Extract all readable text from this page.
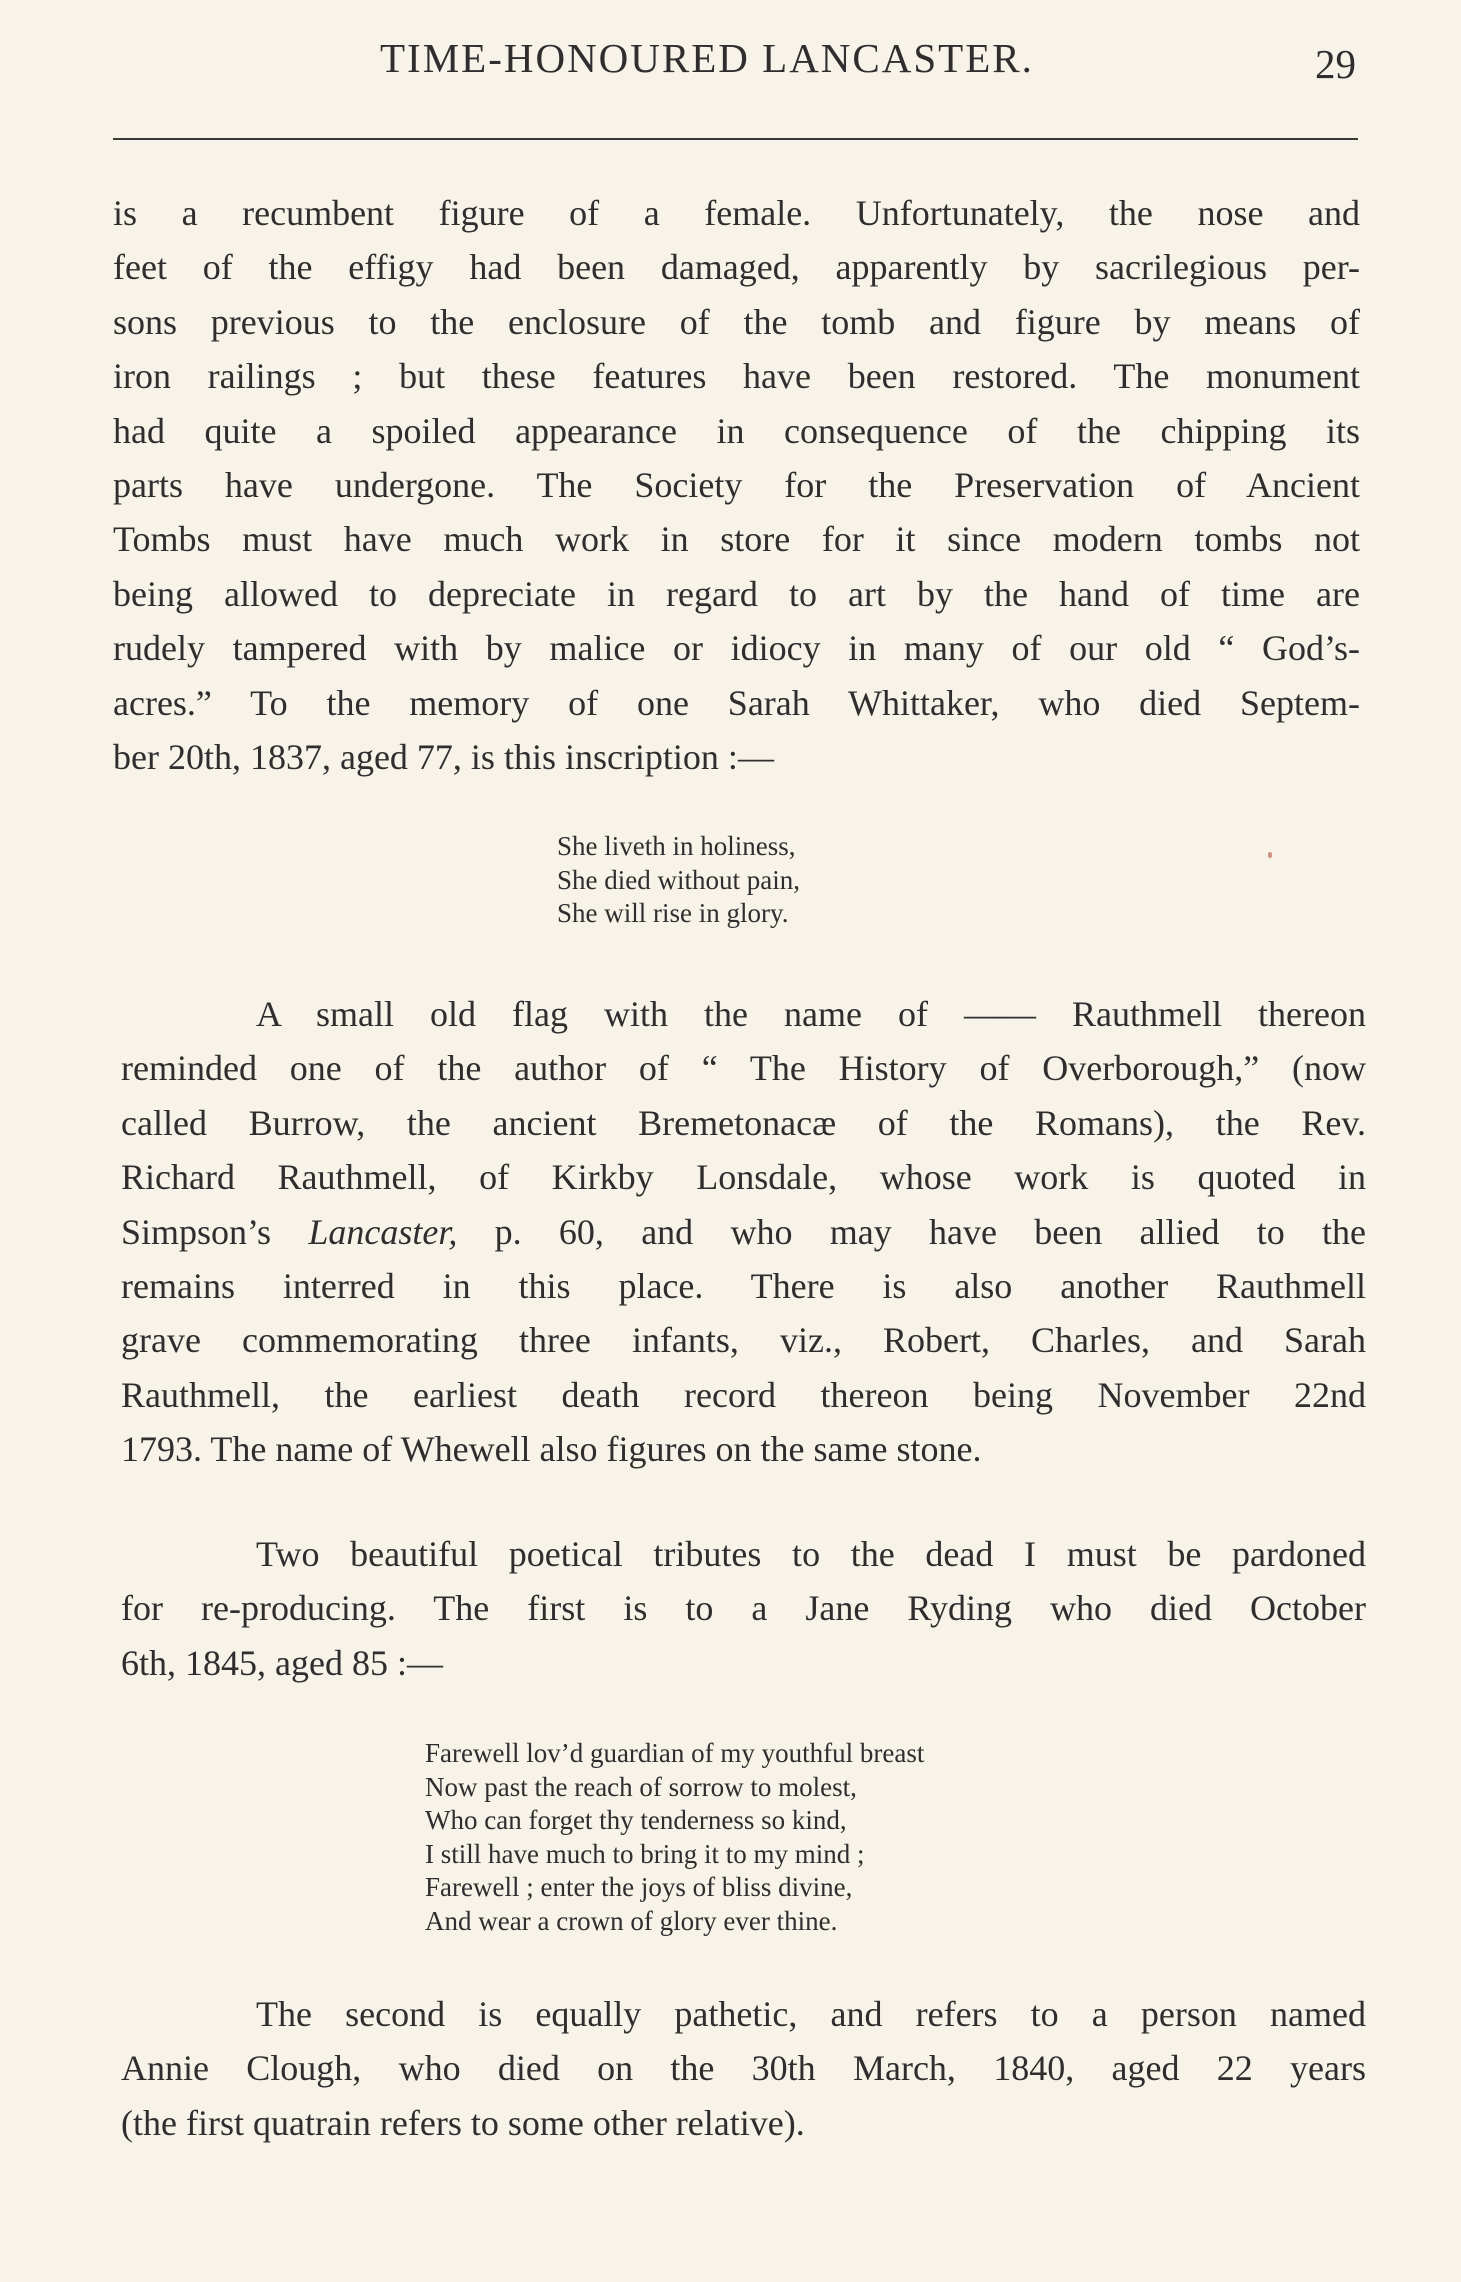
TIME-HONOURED LANCASTER.	29

is a recumbent figure of a female. Unfortunately, the nose and
feet of the effigy had been damaged, apparently by sacrilegious per-
sons previous to the enclosure of the tomb and figure by means of
iron railings ; but these features have been restored. The monument
had quite a spoiled appearance in consequence of the chipping its
parts have undergone. The Society for the Preservation of Ancient
Tombs must have much work in store for it since modern tombs not
being allowed to depreciate in regard to art by the hand of time are
rudely tampered with by malice or idiocy in many of our old “ God’s-
acres.” To the memory of one Sarah Whittaker, who died Septem-
ber 20th, 1837, aged 77, is this inscription :—

She liveth in holiness,
She died without pain,
She will rise in glory.

A small old flag with the name of —— Rauthmell thereon
reminded one of the author of “ The History of Overborough,” (now
called Burrow, the ancient Bremetonacæ of the Romans), the Rev.
Richard Rauthmell, of Kirkby Lonsdale, whose work is quoted in
Simpson’s Lancaster, p. 60, and who may have been allied to the
remains interred in this place. There is also another Rauthmell
grave commemorating three infants, viz., Robert, Charles, and Sarah
Rauthmell, the earliest death record thereon being November 22nd
1793. The name of Whewell also figures on the same stone.

Two beautiful poetical tributes to the dead I must be pardoned
for re-producing. The first is to a Jane Ryding who died October
6th, 1845, aged 85 :—

Farewell lov’d guardian of my youthful breast
Now past the reach of sorrow to molest,
Who can forget thy tenderness so kind,
I still have much to bring it to my mind ;
Farewell ; enter the joys of bliss divine,
And wear a crown of glory ever thine.

The second is equally pathetic, and refers to a person named
Annie Clough, who died on the 30th March, 1840, aged 22 years
(the first quatrain refers to some other relative).
